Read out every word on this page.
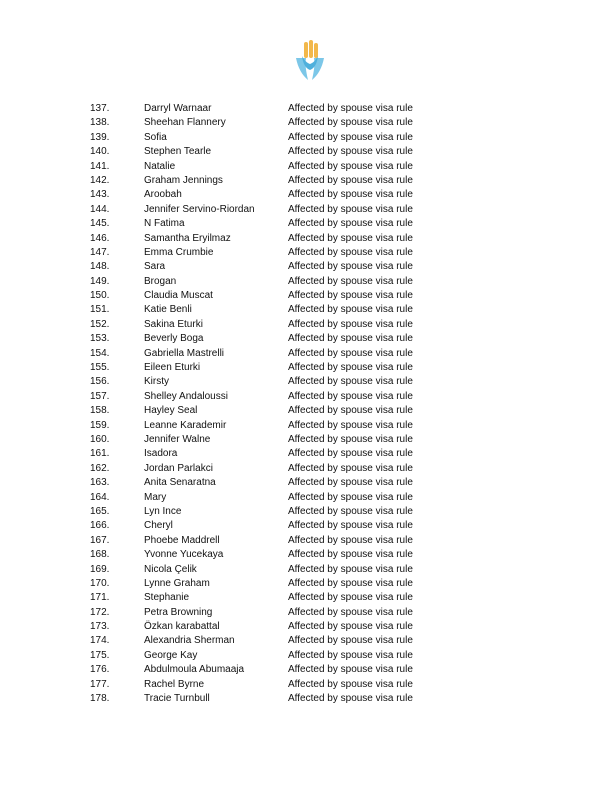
137.	Darryl Warnaar	Affected by spouse visa rule
138.	Sheehan Flannery	Affected by spouse visa rule
139.	Sofia	Affected by spouse visa rule
140.	Stephen Tearle	Affected by spouse visa rule
141.	Natalie	Affected by spouse visa rule
142.	Graham Jennings	Affected by spouse visa rule
143.	Aroobah	Affected by spouse visa rule
144.	Jennifer Servino-Riordan	Affected by spouse visa rule
145.	N Fatima	Affected by spouse visa rule
146.	Samantha Eryilmaz	Affected by spouse visa rule
147.	Emma Crumbie	Affected by spouse visa rule
148.	Sara	Affected by spouse visa rule
149.	Brogan	Affected by spouse visa rule
150.	Claudia Muscat	Affected by spouse visa rule
151.	Katie Benli	Affected by spouse visa rule
152.	Sakina Eturki	Affected by spouse visa rule
153.	Beverly Boga	Affected by spouse visa rule
154.	Gabriella Mastrelli	Affected by spouse visa rule
155.	Eileen Eturki	Affected by spouse visa rule
156.	Kirsty	Affected by spouse visa rule
157.	Shelley Andaloussi	Affected by spouse visa rule
158.	Hayley Seal	Affected by spouse visa rule
159.	Leanne Karademir	Affected by spouse visa rule
160.	Jennifer Walne	Affected by spouse visa rule
161.	Isadora	Affected by spouse visa rule
162.	Jordan Parlakci	Affected by spouse visa rule
163.	Anita Senaratna	Affected by spouse visa rule
164.	Mary	Affected by spouse visa rule
165.	Lyn Ince	Affected by spouse visa rule
166.	Cheryl	Affected by spouse visa rule
167.	Phoebe Maddrell	Affected by spouse visa rule
168.	Yvonne Yucekaya	Affected by spouse visa rule
169.	Nicola Çelik	Affected by spouse visa rule
170.	Lynne Graham	Affected by spouse visa rule
171.	Stephanie	Affected by spouse visa rule
172.	Petra Browning	Affected by spouse visa rule
173.	Özkan karabattal	Affected by spouse visa rule
174.	Alexandria Sherman	Affected by spouse visa rule
175.	George Kay	Affected by spouse visa rule
176.	Abdulmoula Abumaaja	Affected by spouse visa rule
177.	Rachel Byrne	Affected by spouse visa rule
178.	Tracie Turnbull	Affected by spouse visa rule
